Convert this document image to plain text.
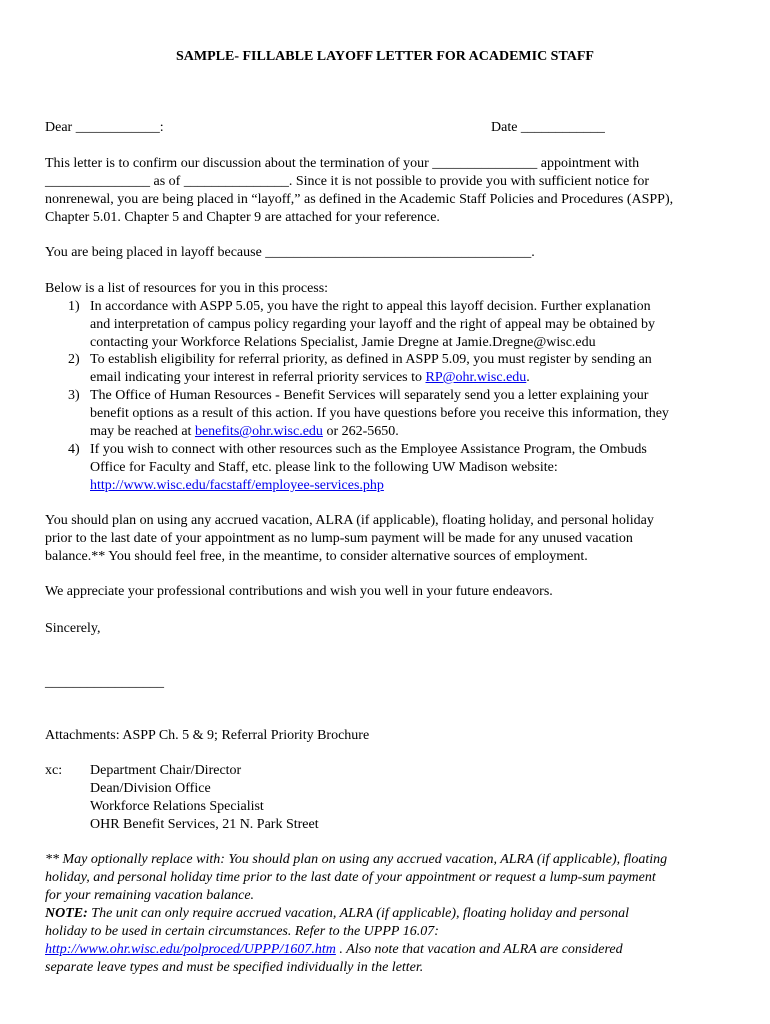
SAMPLE- FILLABLE LAYOFF LETTER FOR ACADEMIC STAFF
Dear ____________:	Date ____________
This letter is to confirm our discussion about the termination of your _______________ appointment with
_______________ as of _______________. Since it is not possible to provide you with sufficient notice for
nonrenewal, you are being placed in “layoff,” as defined in the Academic Staff Policies and Procedures (ASPP),
Chapter 5.01. Chapter 5 and Chapter 9 are attached for your reference.
You are being placed in layoff because ______________________________________.
Below is a list of resources for you in this process:
1) In accordance with ASPP 5.05, you have the right to appeal this layoff decision. Further explanation
and interpretation of campus policy regarding your layoff and the right of appeal may be obtained by
contacting your Workforce Relations Specialist, Jamie Dregne at Jamie.Dregne@wisc.edu
2) To establish eligibility for referral priority, as defined in ASPP 5.09, you must register by sending an
email indicating your interest in referral priority services to RP@ohr.wisc.edu.
3) The Office of Human Resources - Benefit Services will separately send you a letter explaining your
benefit options as a result of this action. If you have questions before you receive this information, they
may be reached at benefits@ohr.wisc.edu or 262-5650.
4) If you wish to connect with other resources such as the Employee Assistance Program, the Ombuds
Office for Faculty and Staff, etc. please link to the following UW Madison website:
http://www.wisc.edu/facstaff/employee-services.php
You should plan on using any accrued vacation, ALRA (if applicable), floating holiday, and personal holiday
prior to the last date of your appointment as no lump-sum payment will be made for any unused vacation
balance.** You should feel free, in the meantime, to consider alternative sources of employment.
We appreciate your professional contributions and wish you well in your future endeavors.
Sincerely,
_________________
Attachments: ASPP Ch. 5 & 9; Referral Priority Brochure
xc: Department Chair/Director
Dean/Division Office
Workforce Relations Specialist
OHR Benefit Services, 21 N. Park Street
** May optionally replace with: You should plan on using any accrued vacation, ALRA (if applicable), floating
holiday, and personal holiday time prior to the last date of your appointment or request a lump-sum payment
for your remaining vacation balance.
NOTE: The unit can only require accrued vacation, ALRA (if applicable), floating holiday and personal
holiday to be used in certain circumstances. Refer to the UPPP 16.07:
http://www.ohr.wisc.edu/polproced/UPPP/1607.htm . Also note that vacation and ALRA are considered
separate leave types and must be specified individually in the letter.
